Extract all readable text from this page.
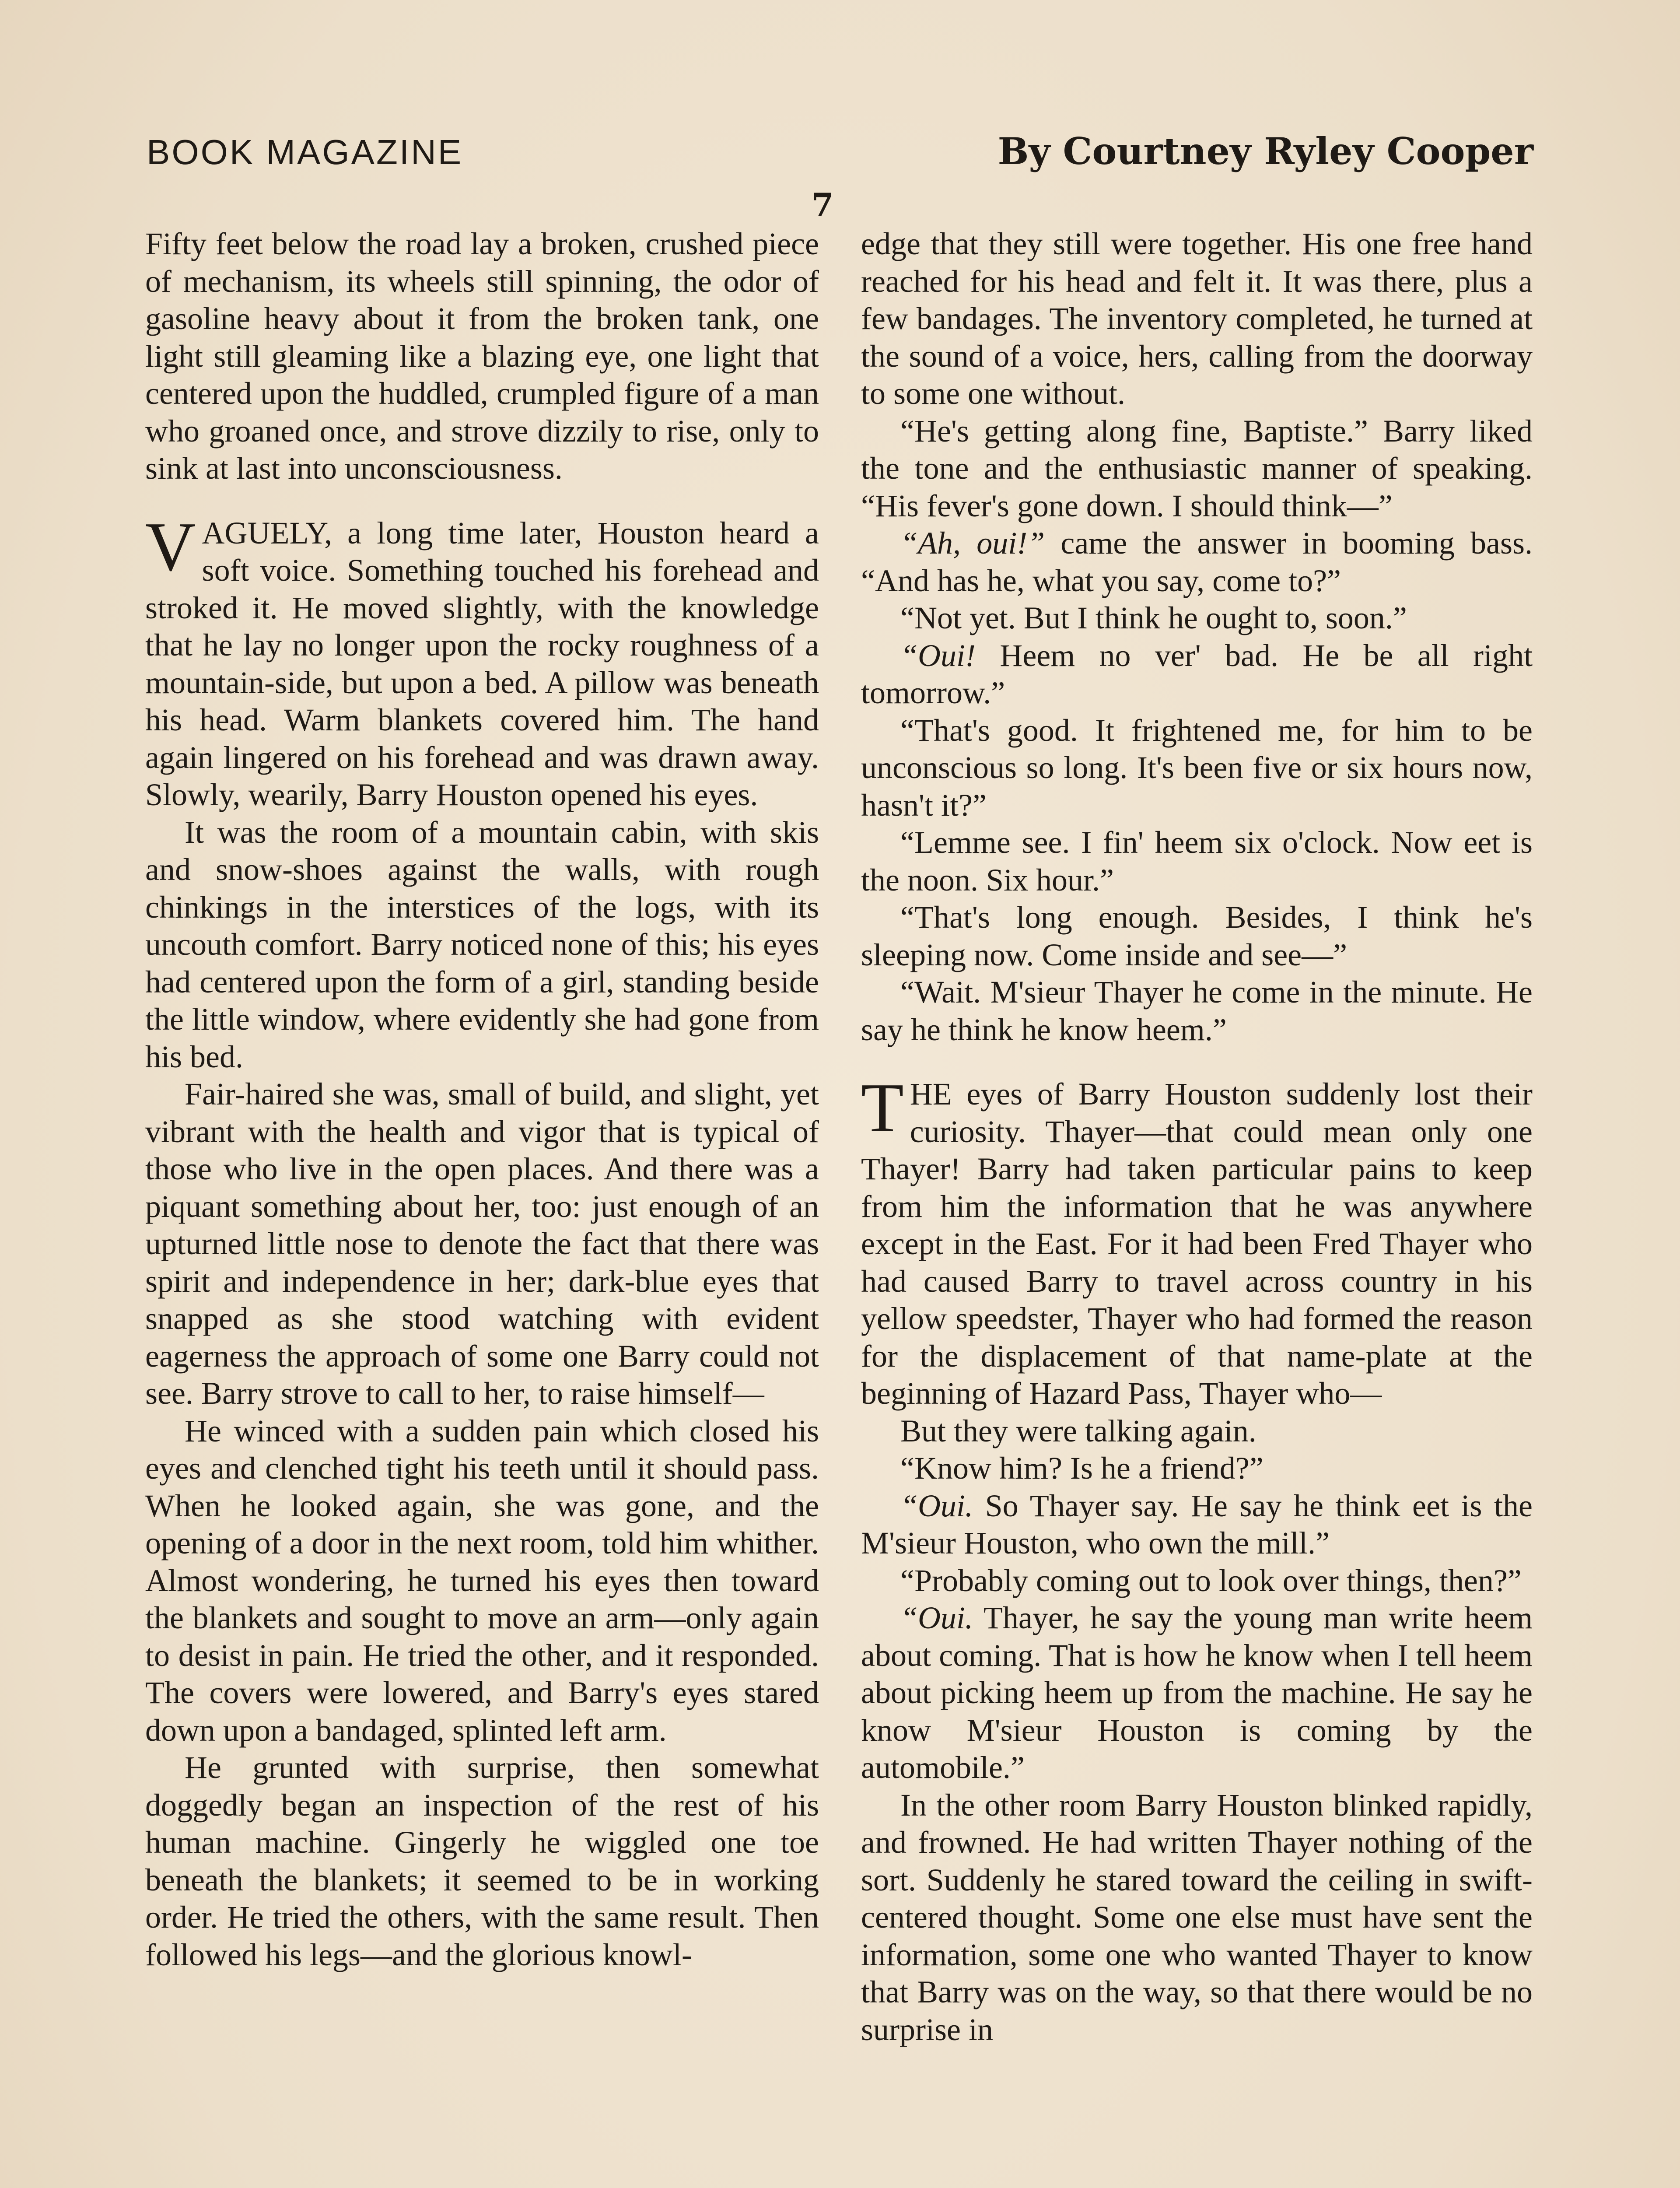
BOOK MAGAZINE	By Courtney Ryley Cooper
7

Fifty feet below the road lay a broken, crushed piece of mechanism, its wheels still spinning, the odor of gasoline heavy about it from the broken tank, one light still gleaming like a blazing eye, one light that centered upon the huddled, crumpled figure of a man who groaned once, and strove dizzily to rise, only to sink at last into unconsciousness.

VAGUELY, a long time later, Houston heard a soft voice. Something touched his forehead and stroked it. He moved slightly, with the knowledge that he lay no longer upon the rocky roughness of a mountain-side, but upon a bed. A pillow was beneath his head. Warm blankets covered him. The hand again lingered on his forehead and was drawn away. Slowly, wearily, Barry Houston opened his eyes.

It was the room of a mountain cabin, with skis and snow-shoes against the walls, with rough chinkings in the interstices of the logs, with its uncouth comfort. Barry noticed none of this; his eyes had centered upon the form of a girl, standing beside the little window, where evidently she had gone from his bed.

Fair-haired she was, small of build, and slight, yet vibrant with the health and vigor that is typical of those who live in the open places. And there was a piquant something about her, too: just enough of an upturned little nose to denote the fact that there was spirit and independence in her; dark-blue eyes that snapped as she stood watching with evident eagerness the approach of some one Barry could not see. Barry strove to call to her, to raise himself—

He winced with a sudden pain which closed his eyes and clenched tight his teeth until it should pass. When he looked again, she was gone, and the opening of a door in the next room, told him whither. Almost wondering, he turned his eyes then toward the blankets and sought to move an arm—only again to desist in pain. He tried the other, and it responded. The covers were lowered, and Barry's eyes stared down upon a bandaged, splinted left arm.

He grunted with surprise, then somewhat doggedly began an inspection of the rest of his human machine. Gingerly he wiggled one toe beneath the blankets; it seemed to be in working order. He tried the others, with the same result. Then followed his legs—and the glorious knowl-

edge that they still were together. His one free hand reached for his head and felt it. It was there, plus a few bandages. The inventory completed, he turned at the sound of a voice, hers, calling from the doorway to some one without.

“He's getting along fine, Baptiste.” Barry liked the tone and the enthusiastic manner of speaking. “His fever's gone down. I should think—”

“Ah, oui!” came the answer in booming bass. “And has he, what you say, come to?”

“Not yet. But I think he ought to, soon.”

“Oui! Heem no ver' bad. He be all right tomorrow.”

“That's good. It frightened me, for him to be unconscious so long. It's been five or six hours now, hasn't it?”

“Lemme see. I fin' heem six o'clock. Now eet is the noon. Six hour.”

“That's long enough. Besides, I think he's sleeping now. Come inside and see—”

“Wait. M'sieur Thayer he come in the minute. He say he think he know heem.”

THE eyes of Barry Houston suddenly lost their curiosity. Thayer—that could mean only one Thayer! Barry had taken particular pains to keep from him the information that he was anywhere except in the East. For it had been Fred Thayer who had caused Barry to travel across country in his yellow speedster, Thayer who had formed the reason for the displacement of that name-plate at the beginning of Hazard Pass, Thayer who—

But they were talking again.

“Know him? Is he a friend?”

“Oui. So Thayer say. He say he think eet is the M'sieur Houston, who own the mill.”

“Probably coming out to look over things, then?”

“Oui. Thayer, he say the young man write heem about coming. That is how he know when I tell heem about picking heem up from the machine. He say he know M'sieur Houston is coming by the automobile.”

In the other room Barry Houston blinked rapidly, and frowned. He had written Thayer nothing of the sort. Suddenly he stared toward the ceiling in swift-centered thought. Some one else must have sent the information, some one who wanted Thayer to know that Barry was on the way, so that there would be no surprise in
